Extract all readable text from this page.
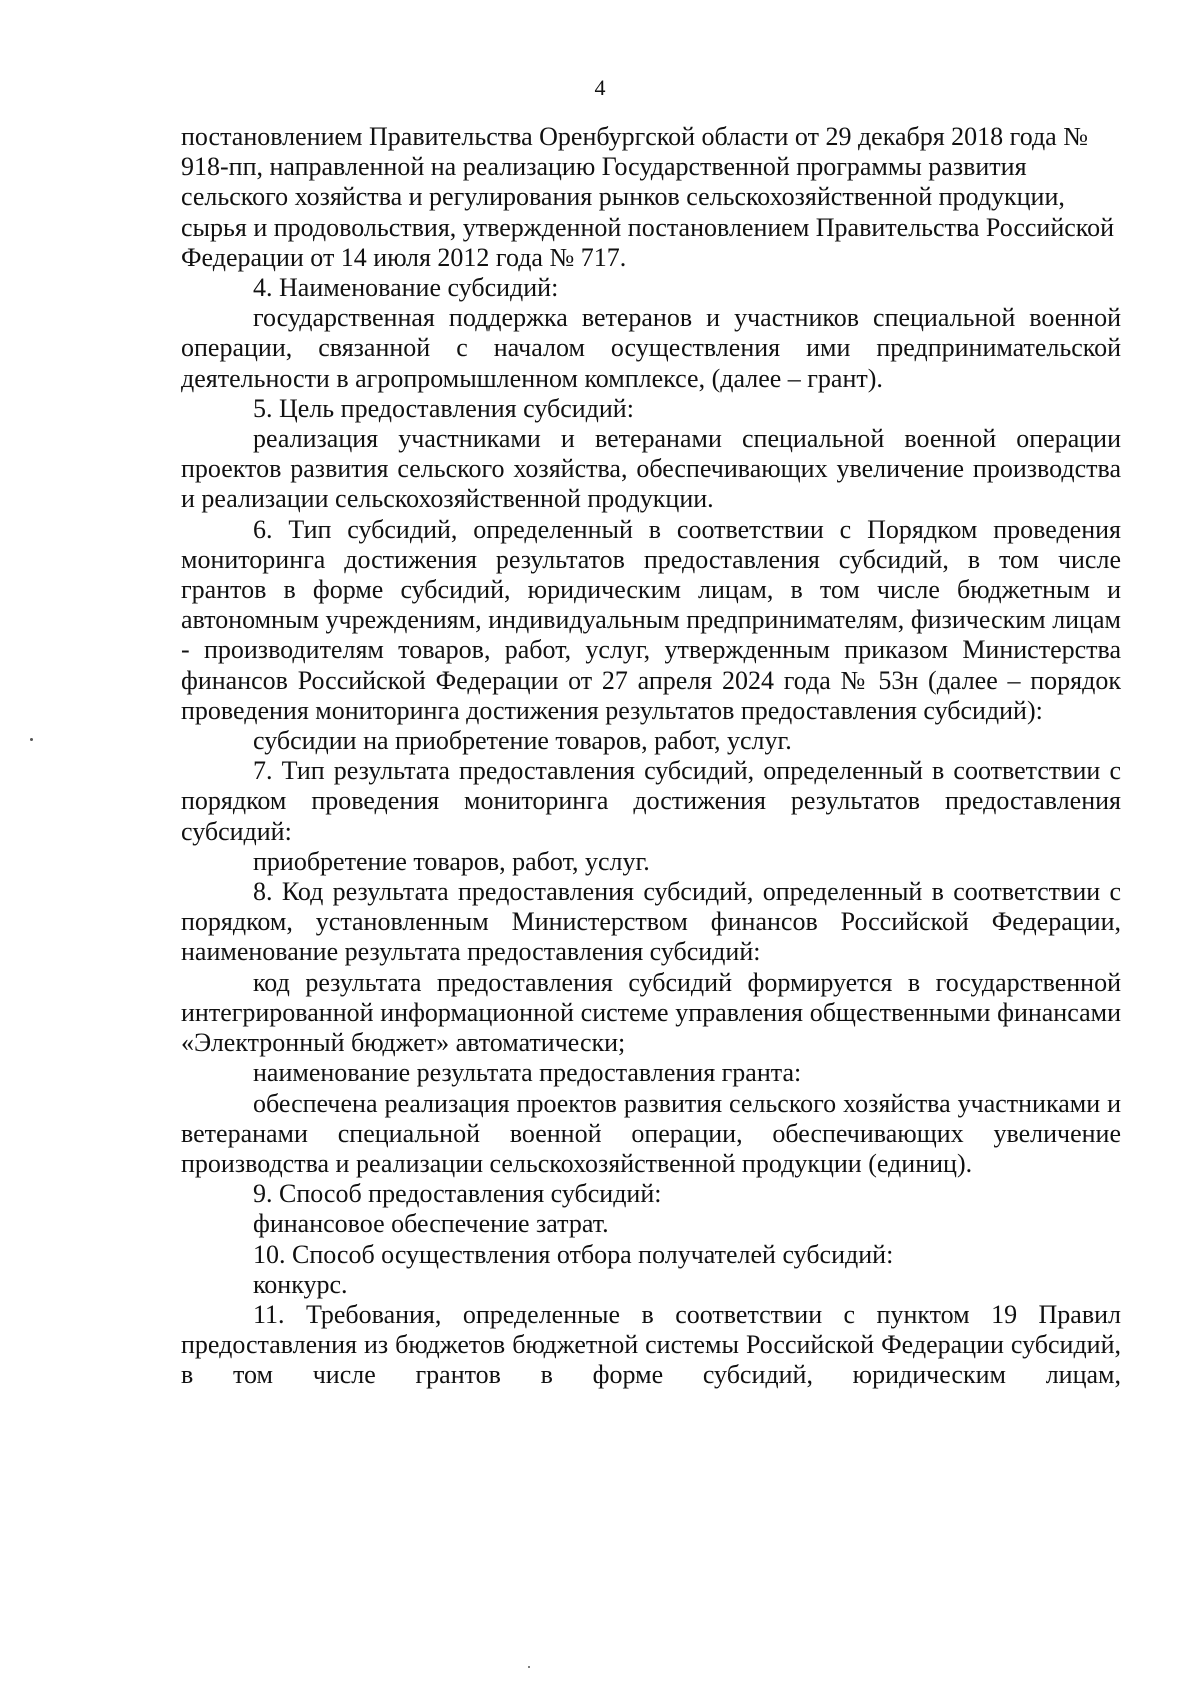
4

постановлением Правительства Оренбургской области от 29 декабря 2018 года № 918-пп, направленной на реализацию Государственной программы развития сельского хозяйства и регулирования рынков сельскохозяйственной продукции, сырья и продовольствия, утвержденной постановлением Правительства Российской Федерации от 14 июля 2012 года № 717.

4. Наименование субсидий:

государственная поддержка ветеранов и участников специальной военной операции, связанной с началом осуществления ими предпринимательской деятельности в агропромышленном комплексе, (далее – грант).

5. Цель предоставления субсидий:

реализация участниками и ветеранами специальной военной операции проектов развития сельского хозяйства, обеспечивающих увеличение производства и реализации сельскохозяйственной продукции.

6. Тип субсидий, определенный в соответствии с Порядком проведения мониторинга достижения результатов предоставления субсидий, в том числе грантов в форме субсидий, юридическим лицам, в том числе бюджетным и автономным учреждениям, индивидуальным предпринимателям, физическим лицам - производителям товаров, работ, услуг, утвержденным приказом Министерства финансов Российской Федерации от 27 апреля 2024 года № 53н (далее – порядок проведения мониторинга достижения результатов предоставления субсидий):

субсидии на приобретение товаров, работ, услуг.

7. Тип результата предоставления субсидий, определенный в соответствии с порядком проведения мониторинга достижения результатов предоставления субсидий:

приобретение товаров, работ, услуг.

8. Код результата предоставления субсидий, определенный в соответствии с порядком, установленным Министерством финансов Российской Федерации, наименование результата предоставления субсидий:

код результата предоставления субсидий формируется в государственной интегрированной информационной системе управления общественными финансами «Электронный бюджет» автоматически;

наименование результата предоставления гранта:

обеспечена реализация проектов развития сельского хозяйства участниками и ветеранами специальной военной операции, обеспечивающих увеличение производства и реализации сельскохозяйственной продукции (единиц).

9. Способ предоставления субсидий:

финансовое обеспечение затрат.

10. Способ осуществления отбора получателей субсидий:

конкурс.

11. Требования, определенные в соответствии с пунктом 19 Правил предоставления из бюджетов бюджетной системы Российской Федерации субсидий, в том числе грантов в форме субсидий, юридическим лицам,
